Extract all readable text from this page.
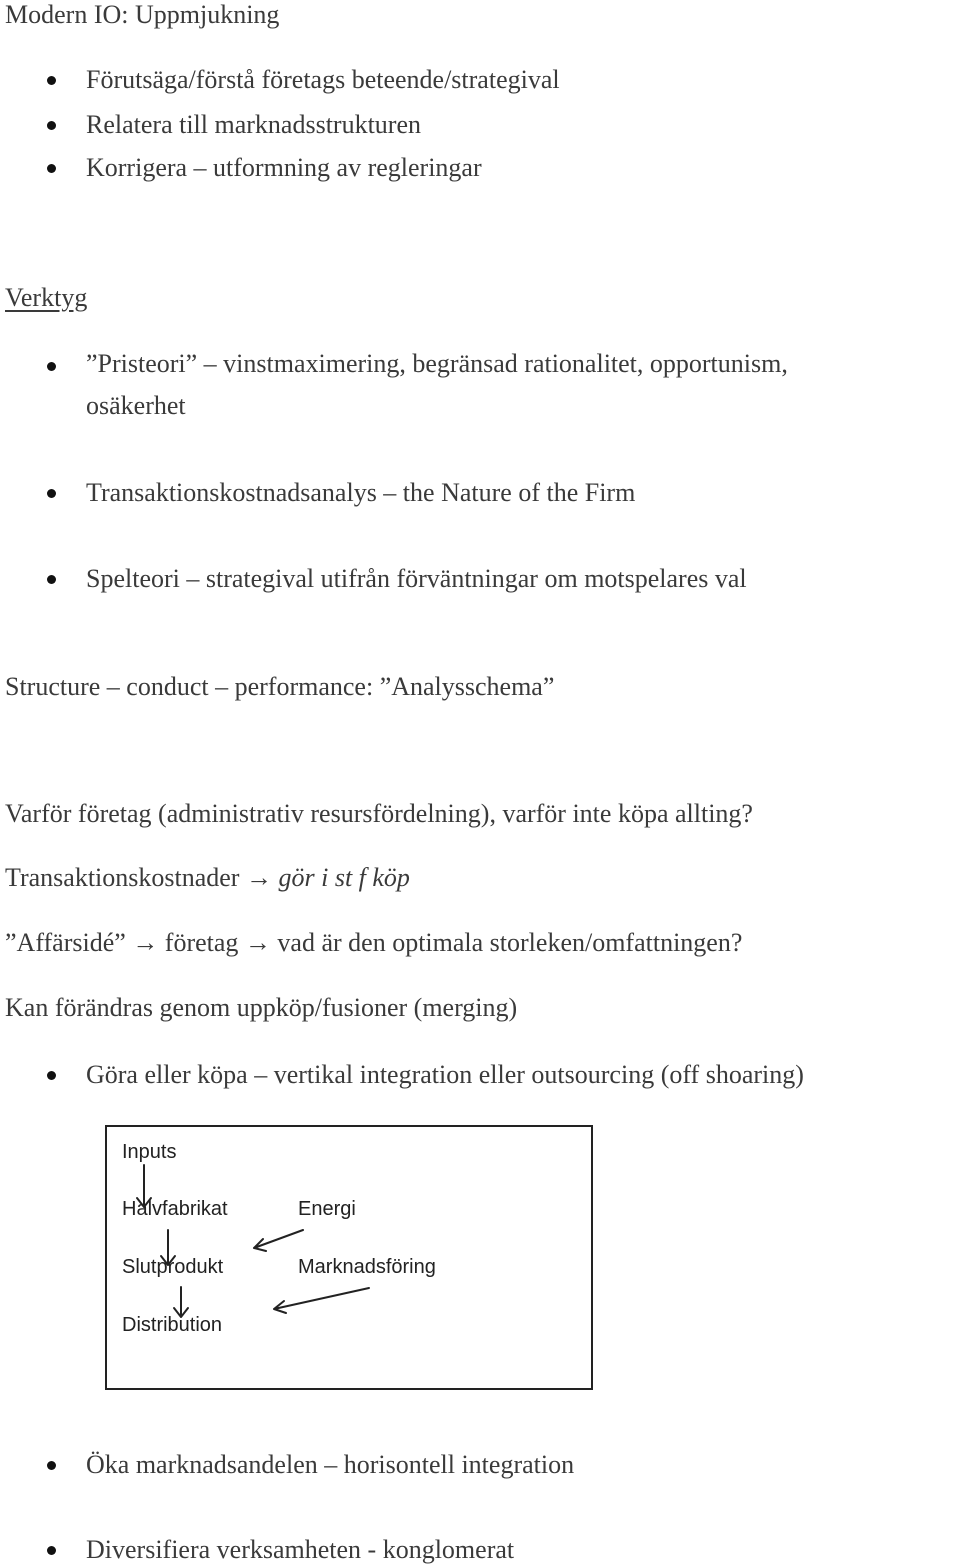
Modern IO: Uppmjukning
Förutsäga/förstå företags beteende/strategival
Relatera till marknadsstrukturen
Korrigera – utformning av regleringar
Verktyg
”Pristeori” – vinstmaximering, begränsad rationalitet, opportunism,
osäkerhet
Transaktionskostnadsanalys – the Nature of the Firm
Spelteori – strategival utifrån förväntningar om motspelares val
Structure – conduct – performance: ”Analysschema”
Varför företag (administrativ resursfördelning), varför inte köpa allting?
Transaktionskostnader → gör i st f köp
”Affärsidé” → företag → vad är den optimala storleken/omfattningen?
Kan förändras genom uppköp/fusioner (merging)
Göra eller köpa – vertikal integration eller outsourcing (off shoaring)
Inputs
Halvfabrikat	Energi
Slutprodukt	Marknadsföring
Distribution
Öka marknadsandelen – horisontell integration
Diversifiera verksamheten - konglomerat
